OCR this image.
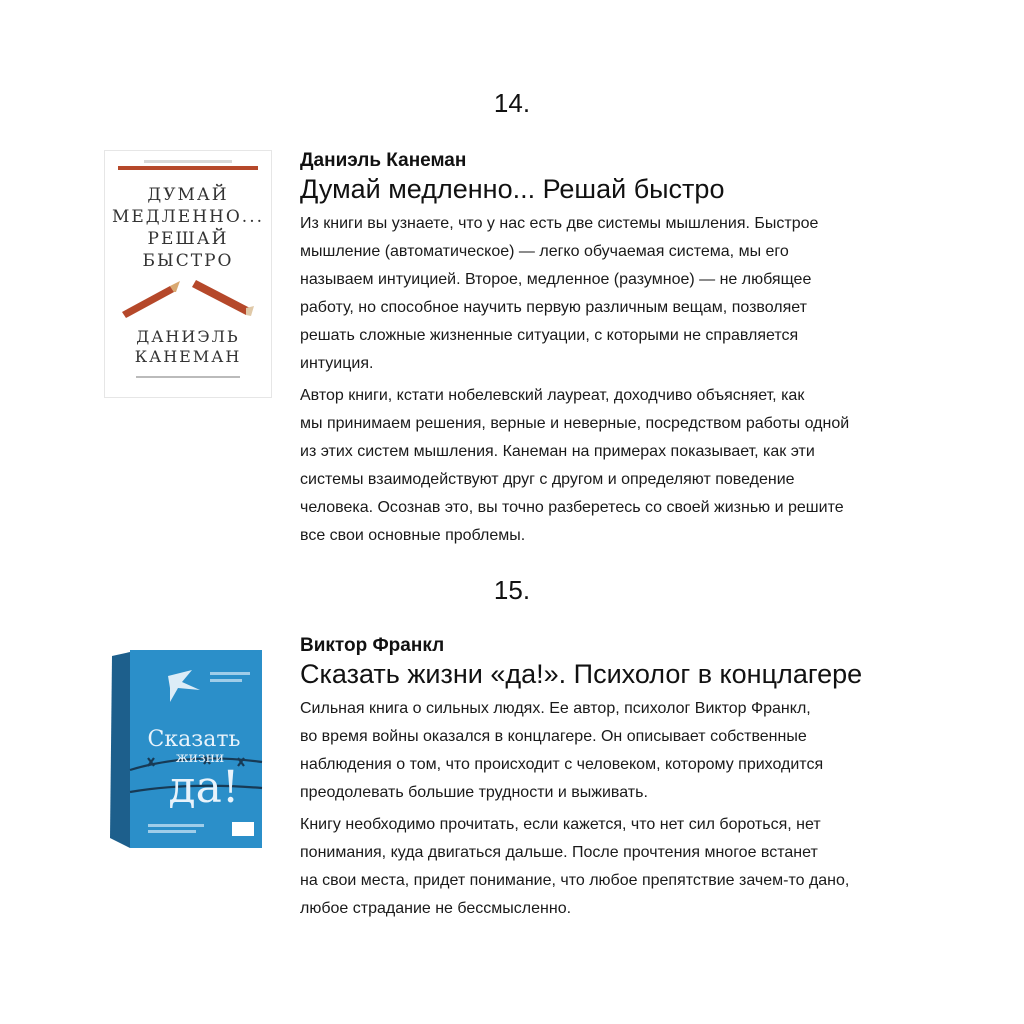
14.
ДУМАЙ
МЕДЛЕННО...
РЕШАЙ
БЫСТРО
ДАНИЭЛЬ
КАНЕМАН

Даниэль Канеман

Думай медленно... Решай быстро

Из книги вы узнаете, что у нас есть две системы мышления. Быстрое
мышление (автоматическое) — легко обучаемая система, мы его
называем интуицией. Второе, медленное (разумное) — не любящее
работу, но способное научить первую различным вещам, позволяет
решать сложные жизненные ситуации, с которыми не справляется
интуиция.

Автор книги, кстати нобелевский лауреат, доходчиво объясняет, как
мы принимаем решения, верные и неверные, посредством работы одной
из этих систем мышления. Канеман на примерах показывает, как эти
системы взаимодействуют друг с другом и определяют поведение
человека. Осознав это, вы точно разберетесь со своей жизнью и решите
все свои основные проблемы.

15.
Сказать
жизни
да!

Виктор Франкл

Сказать жизни «да!». Психолог в концлагере

Сильная книга о сильных людях. Ее автор, психолог Виктор Франкл,
во время войны оказался в концлагере. Он описывает собственные
наблюдения о том, что происходит с человеком, которому приходится
преодолевать большие трудности и выживать.

Книгу необходимо прочитать, если кажется, что нет сил бороться, нет
понимания, куда двигаться дальше. После прочтения многое встанет
на свои места, придет понимание, что любое препятствие зачем-то дано,
любое страдание не бессмысленно.
